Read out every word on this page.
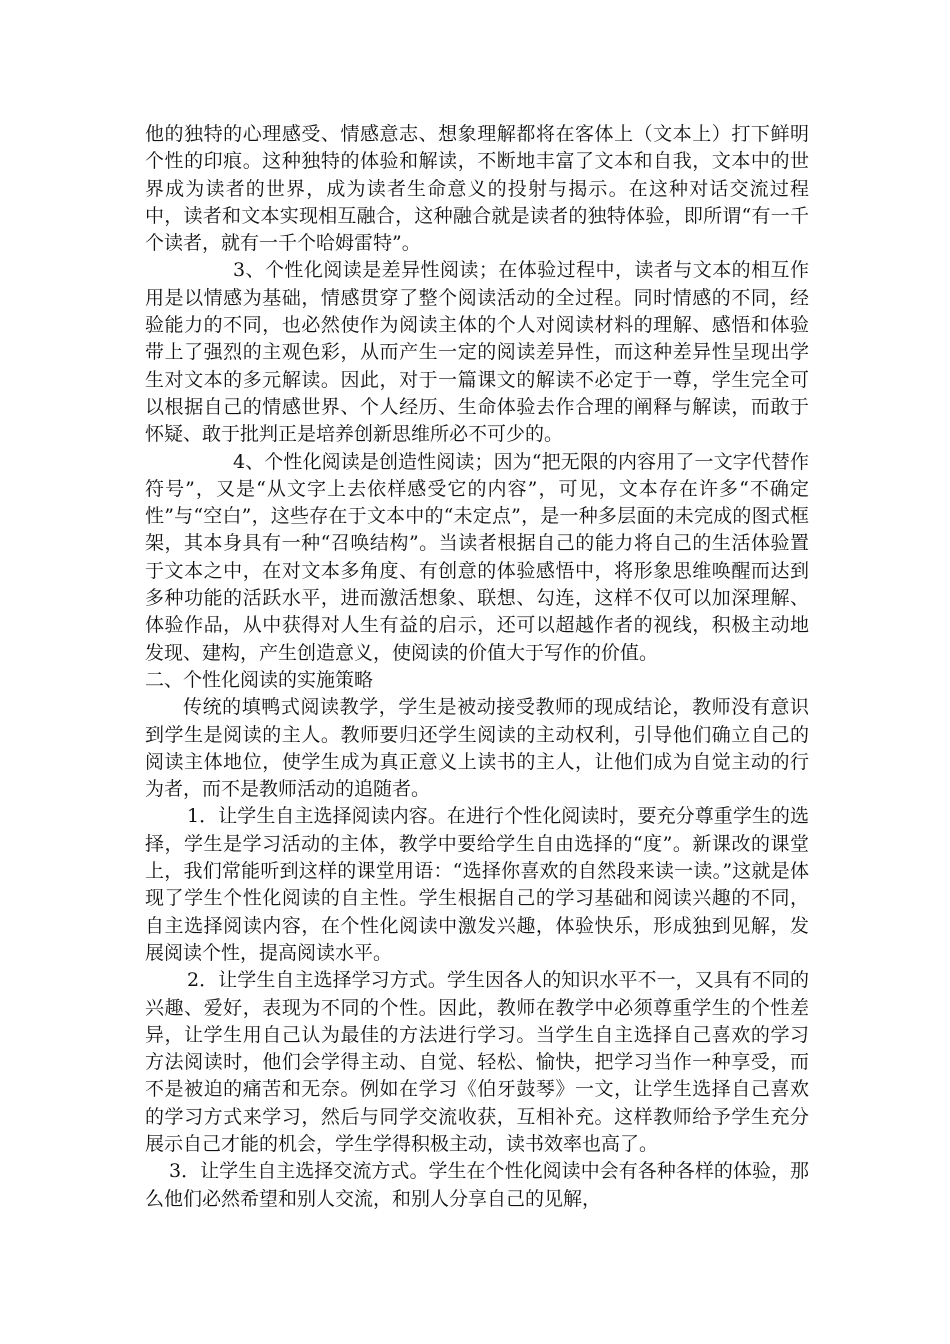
他的独特的心理感受、情感意志、想象理解都将在客体上（文本上）打下鲜明个性的印痕。这种独特的体验和解读，不断地丰富了文本和自我，文本中的世界成为读者的世界，成为读者生命意义的投射与揭示。在这种对话交流过程中，读者和文本实现相互融合，这种融合就是读者的独特体验，即所谓“有一千个读者，就有一千个哈姆雷特”。

3、个性化阅读是差异性阅读；在体验过程中，读者与文本的相互作用是以情感为基础，情感贯穿了整个阅读活动的全过程。同时情感的不同，经验能力的不同，也必然使作为阅读主体的个人对阅读材料的理解、感悟和体验带上了强烈的主观色彩，从而产生一定的阅读差异性，而这种差异性呈现出学生对文本的多元解读。因此，对于一篇课文的解读不必定于一尊，学生完全可以根据自己的情感世界、个人经历、生命体验去作合理的阐释与解读，而敢于怀疑、敢于批判正是培养创新思维所必不可少的。

4、个性化阅读是创造性阅读；因为“把无限的内容用了一文字代替作符号”，又是“从文字上去依样感受它的内容”，可见，文本存在许多“不确定性”与“空白”，这些存在于文本中的“未定点”，是一种多层面的未完成的图式框架，其本身具有一种“召唤结构”。当读者根据自己的能力将自己的生活体验置于文本之中，在对文本多角度、有创意的体验感悟中，将形象思维唤醒而达到多种功能的活跃水平，进而激活想象、联想、勾连，这样不仅可以加深理解、体验作品，从中获得对人生有益的启示，还可以超越作者的视线，积极主动地发现、建构，产生创造意义，使阅读的价值大于写作的价值。

二、个性化阅读的实施策略

传统的填鸭式阅读教学，学生是被动接受教师的现成结论，教师没有意识到学生是阅读的主人。教师要归还学生阅读的主动权利，引导他们确立自己的阅读主体地位，使学生成为真正意义上读书的主人，让他们成为自觉主动的行为者，而不是教师活动的追随者。

1．让学生自主选择阅读内容。在进行个性化阅读时，要充分尊重学生的选择，学生是学习活动的主体，教学中要给学生自由选择的“度”。新课改的课堂上，我们常能听到这样的课堂用语：“选择你喜欢的自然段来读一读。”这就是体现了学生个性化阅读的自主性。学生根据自己的学习基础和阅读兴趣的不同，自主选择阅读内容，在个性化阅读中激发兴趣，体验快乐，形成独到见解，发展阅读个性，提高阅读水平。

2．让学生自主选择学习方式。学生因各人的知识水平不一，又具有不同的兴趣、爱好，表现为不同的个性。因此，教师在教学中必须尊重学生的个性差异，让学生用自己认为最佳的方法进行学习。当学生自主选择自己喜欢的学习方法阅读时，他们会学得主动、自觉、轻松、愉快，把学习当作一种享受，而不是被迫的痛苦和无奈。例如在学习《伯牙鼓琴》一文，让学生选择自己喜欢的学习方式来学习，然后与同学交流收获，互相补充。这样教师给予学生充分展示自己才能的机会，学生学得积极主动，读书效率也高了。

3．让学生自主选择交流方式。学生在个性化阅读中会有各种各样的体验，那么他们必然希望和别人交流，和别人分享自己的见解，
